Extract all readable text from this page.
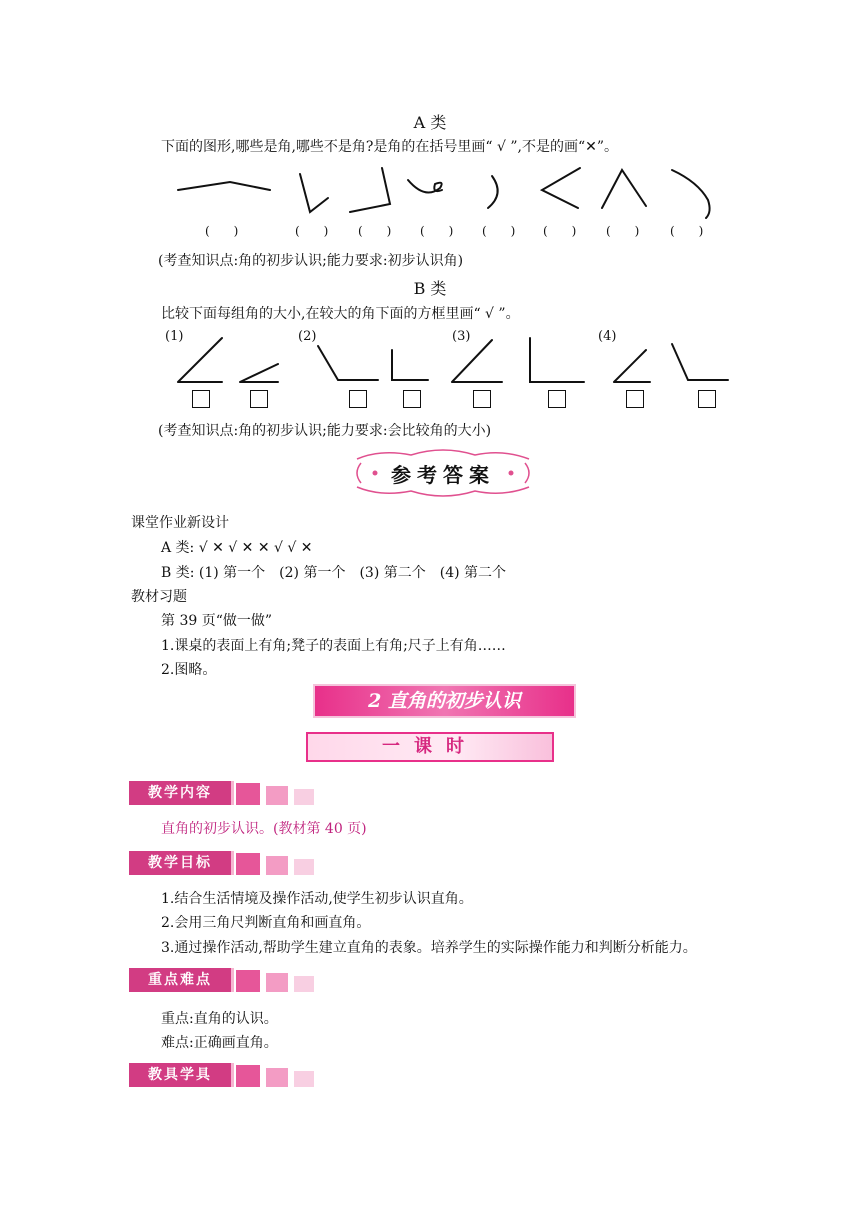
A 类
下面的图形,哪些是角,哪些不是角?是角的在括号里画“ √ ”,不是的画“✕”。
(　　)	(　　) (　　) (　　) (　　) (　　) (　　)	(　　)
(考查知识点:角的初步认识;能力要求:初步认识角)
B 类
比较下面每组角的大小,在较大的角下面的方框里画“ √ ”。
(1)	(2)	(3)	(4)
(考查知识点:角的初步认识;能力要求:会比较角的大小)
参考答案
课堂作业新设计
A 类: √ ✕ √ ✕ ✕ √ √ ✕
B 类: (1) 第一个　(2) 第一个　(3) 第二个　(4) 第二个
教材习题
第 39 页“做一做”
1.课桌的表面上有角;凳子的表面上有角;尺子上有角……
2.图略。
2 直角的初步认识
一课时
教学内容
直角的初步认识。(教材第 40 页)
教学目标
1.结合生活情境及操作活动,使学生初步认识直角。
2.会用三角尺判断直角和画直角。
3.通过操作活动,帮助学生建立直角的表象。培养学生的实际操作能力和判断分析能力。
重点难点
重点:直角的认识。
难点:正确画直角。
教具学具
